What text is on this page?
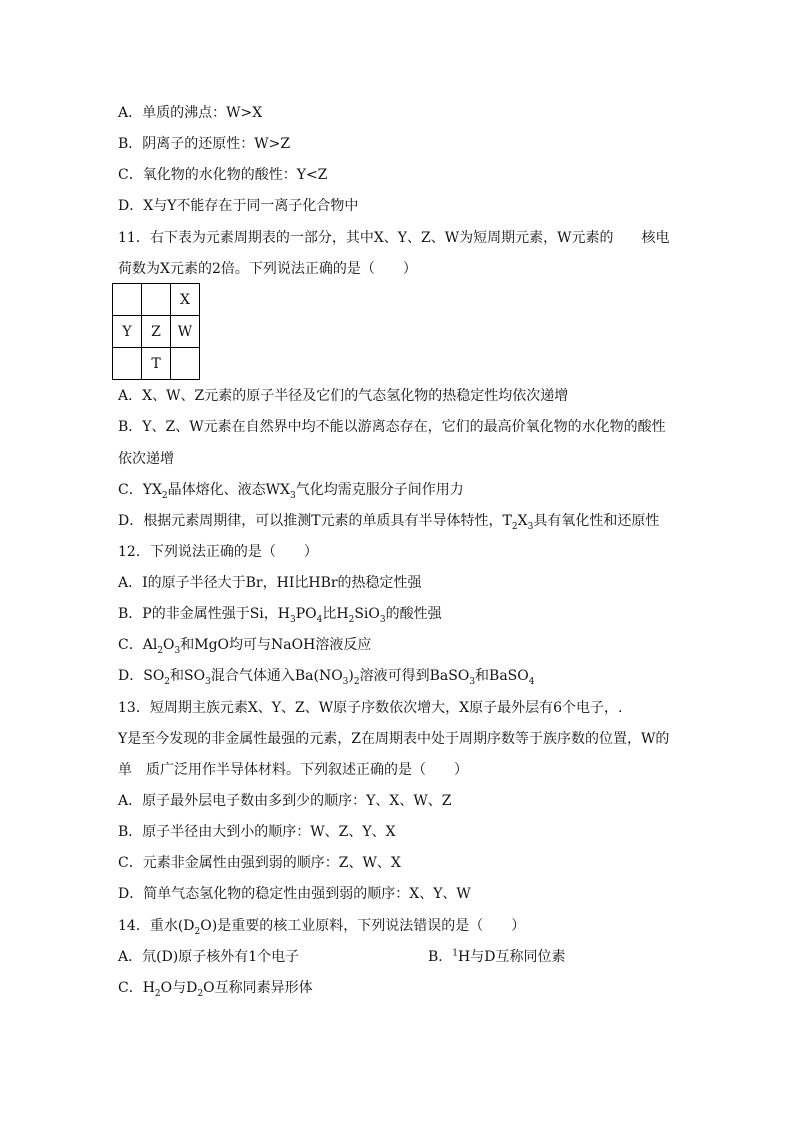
A．单质的沸点：W>X
B．阴离子的还原性：W>Z
C．氧化物的水化物的酸性：Y<Z
D．X与Y不能存在于同一离子化合物中
11．右下表为元素周期表的一部分，其中X、Y、Z、W为短周期元素，W元素的　　核电
荷数为X元素的2倍。下列说法正确的是（　　）
		X
Y	Z	W
	T	
A．X、W、Z元素的原子半径及它们的气态氢化物的热稳定性均依次递增
B．Y、Z、W元素在自然界中均不能以游离态存在，它们的最高价氧化物的水化物的酸性
依次递增
C．$YX_2$晶体熔化、液态$WX_3$气化均需克服分子间作用力
D．根据元素周期律，可以推测T元素的单质具有半导体特性，$T_2X_3$具有氧化性和还原性
12．下列说法正确的是（　　）
A．I的原子半径大于Br，HI比HBr的热稳定性强
B．P的非金属性强于Si，$H_3PO_4$比$H_2SiO_3$的酸性强
C．$Al_2O_3$和MgO均可与NaOH溶液反应
D．$SO_2$和$SO_3$混合气体通入$Ba(NO_3)_2$溶液可得到BaSO$_3$和BaSO$_4$
13．短周期主族元素X、Y、Z、W原子序数依次增大，X原子最外层有6个电子，.
Y是至今发现的非金属性最强的元素，Z在周期表中处于周期序数等于族序数的位置，W的
单　质广泛用作半导体材料。下列叙述正确的是（　　）
A．原子最外层电子数由多到少的顺序：Y、X、W、Z
B．原子半径由大到小的顺序：W、Z、Y、X
C．元素非金属性由强到弱的顺序：Z、W、X
D．简单气态氢化物的稳定性由强到弱的顺序：X、Y、W
14．重水$(D_2O)$是重要的核工业原料，下列说法错误的是（　　）
A．氘(D)原子核外有1个电子	B．$^1$H与D互称同位素
C．$H_2O$与$D_2O$互称同素异形体
